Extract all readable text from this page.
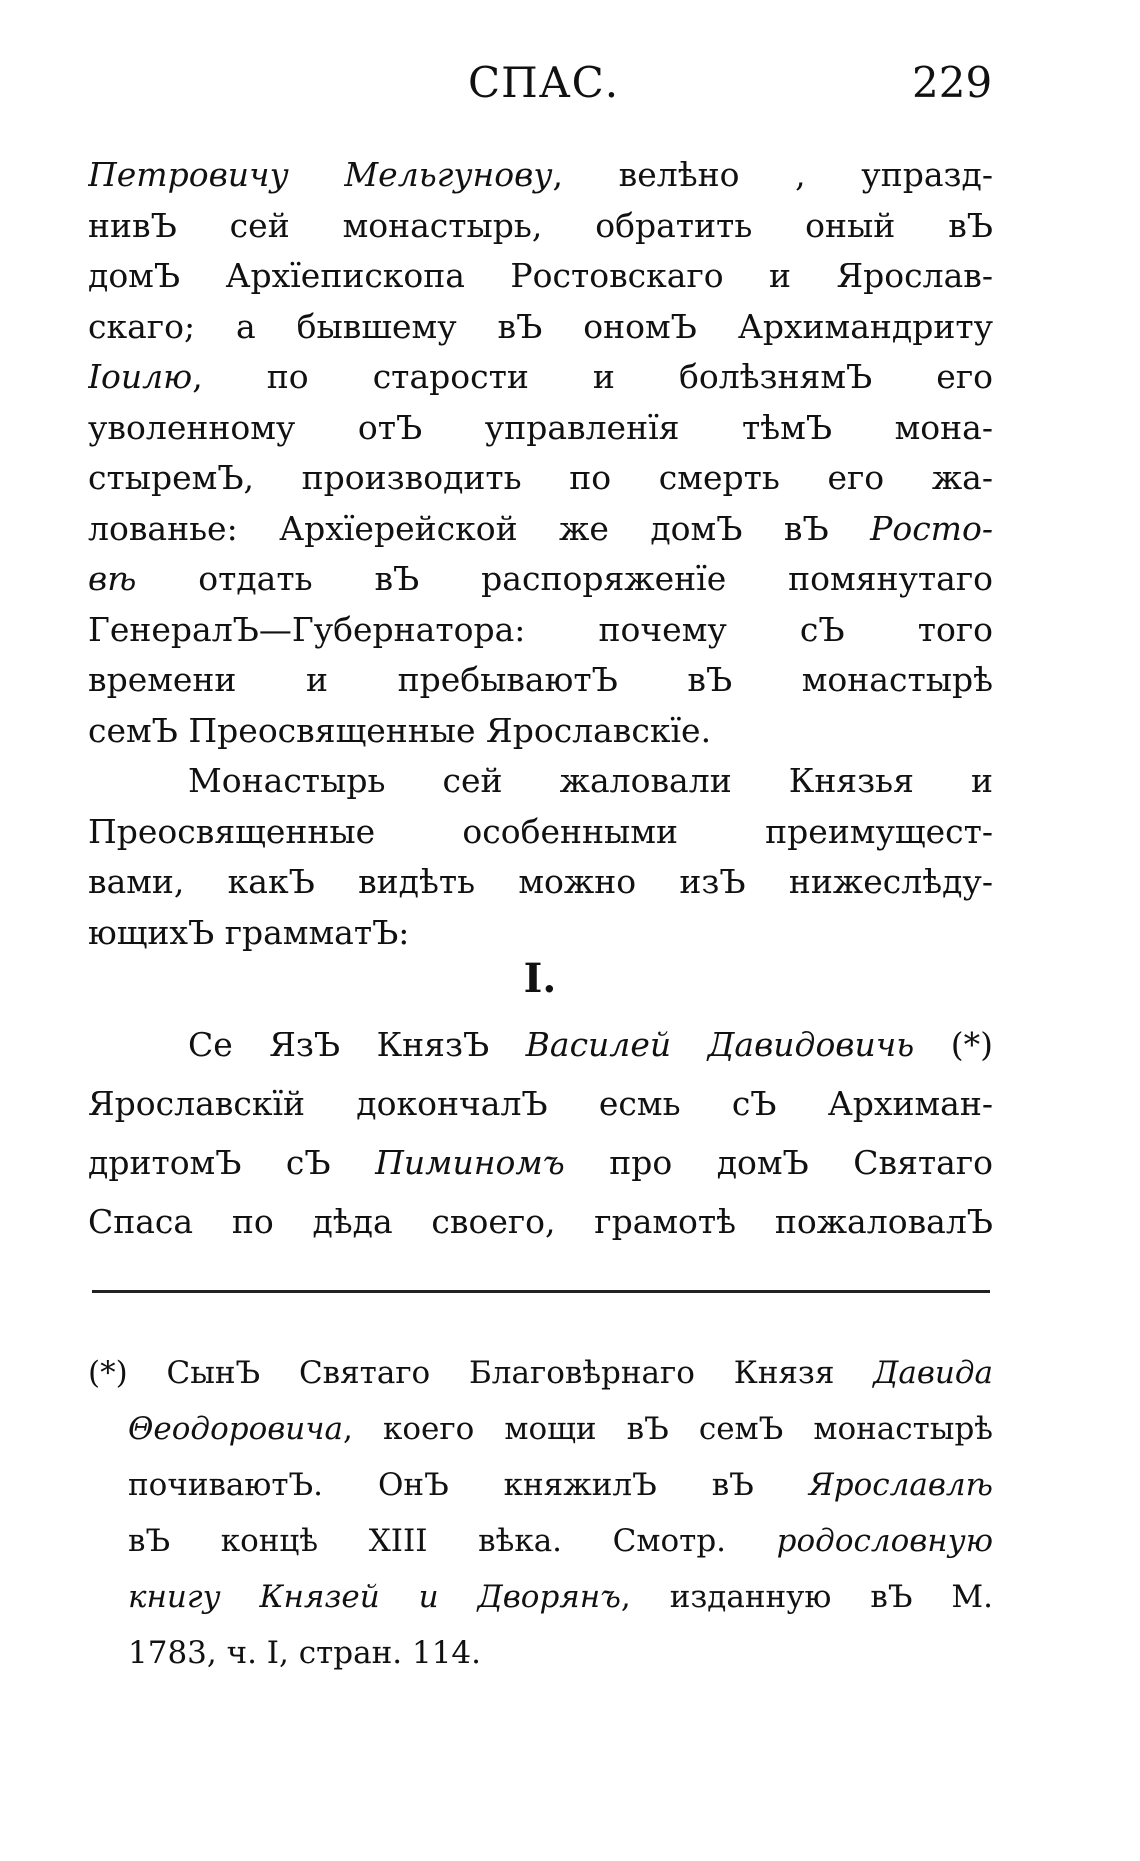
СПАС.	229
Петровичу Мельгунову, велѣно , упразд-
нивЪ сей монастырь, обратить оный вЪ
домЪ Архїепископа Ростовскаго и Ярослав-
скаго; а бывшему вЪ ономЪ Архимандриту
Іоилю, по старости и болѣзнямЪ его
уволенному отЪ управленїя тѣмЪ мона-
стыремЪ, производить по смерть его жа-
лованье: Архїерейской же домЪ вЪ Росто-
вѣ отдать вЪ распоряженїе помянутаго
ГенералЪ—Губернатора: почему сЪ того
времени и пребываютЪ вЪ монастырѣ
семЪ Преосвященные Ярославскїе.
Монастырь сей жаловали Князья и
Преосвященные особенными преимущест-
вами, какЪ видѣть можно изЪ нижеслѣду-
ющихЪ грамматЪ:
I.
Се ЯзЪ КнязЪ Василей Давидовичь (*)
Ярославскїй докончалЪ есмь сЪ Архиман-
дритомЪ сЪ Пиминомъ про домЪ Святаго
Спаса по дѣда своего, грамотѣ пожаловалЪ
(*) СынЪ Святаго Благовѣрнаго Князя Давида
Θеодоровича, коего мощи вЪ семЪ монастырѣ
почиваютЪ. ОнЪ княжилЪ вЪ Ярославлѣ
вЪ концѣ XIII вѣка. Смотр. родословную
книгу Князей и Дворянъ, изданную вЪ М.
1783, ч. I, стран. 114.
